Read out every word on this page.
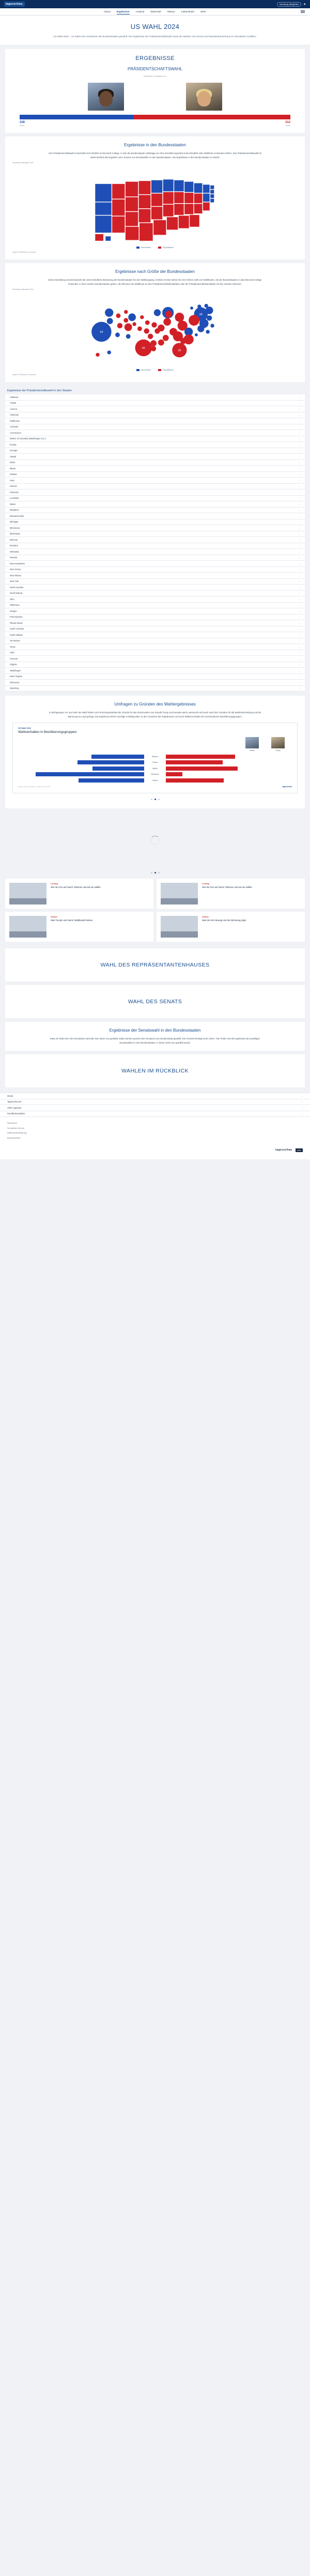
tagesschau.	Sendung abspielen	▶
Inland	Ergebnisse	Ausland	Wirtschaft	Wissen	Faktenfinder	Mehr
US WAHL 2024
US-Wahl 2024 – So haben die Amerikaner die Bundesstaaten gewählt: Die Ergebnisse der Präsidentschaftswahl sowie der Wahlen zum Senat und Repräsentantenhaus im interaktiven Grafiken.
ERGEBNISSE
PRÄSIDENTSCHAFTSWAHL
ERGEBNIS, STIMMEN IN %
226	312
Harris	Trump
Ergebnisse in den Bundesstaaten

Das Präsidentschaftswahl entscheidet sich letztlich an Electoral College. In das die Bundesstaaten abhängig von ihrer Bevölkerungszahl unterschiedlich viele Wahlleute entsenden dürfen. Das Präsidentschaftswahl ist damit letztlich das Ergebnis einer Summe von Einzelwahlen in den Bundesstaaten. Die Ergebnisse in den Bundesstaaten im Detail:

Präsidentschaftswahl 2024
Demokraten	Republikaner
Quelle: AP/Wahlen in Amerika
Ergebnisse nach Größe der Bundesstaaten

Diese Darstellung veranschaulicht die unterschiedliche Bedeutung der Bundesstaaten für den Wahlausgang. Größere Kreise stehen für eine höhere Zahl von Wahlleuten, die der Bundesstaaten in das Electoral College entsendet. In dem insofern Bundesstaaten geben, die Stimmen der Wahlleute an den Präsidentschaftskandidaten oder die Präsidentschaftskandidatin mit den meisten Stimmen.

Präsidentschaftswahl 2024
54
40
30
28
Demokraten	Republikaner
Quelle: AP/Wahlen in Amerika
Ergebnisse der Präsidentschaftswahl in den Staaten
Alabama	⌄
Alaska	⌄
Arizona	⌄
Arkansas	⌄
Kalifornien	⌄
Colorado	⌄
Connecticut	⌄
District of Columbia (Washington D.C.)	⌄
Florida	⌄
Georgia	⌄
Hawaii	⌄
Idaho	⌄
Illinois	⌄
Indiana	⌄
Iowa	⌄
Kansas	⌄
Kentucky	⌄
Louisiana	⌄
Maine	⌄
Maryland	⌄
Massachusetts	⌄
Michigan	⌄
Minnesota	⌄
Mississippi	⌄
Missouri	⌄
Montana	⌄
Nebraska	⌄
Nevada	⌄
New Hampshire	⌄
New Jersey	⌄
New Mexico	⌄
New York	⌄
North Carolina	⌄
North Dakota	⌄
Ohio	⌄
Oklahoma	⌄
Oregon	⌄
Pennsylvania	⌄
Rhode Island	⌄
South Carolina	⌄
South Dakota	⌄
Tennessee	⌄
Texas	⌄
Utah	⌄
Vermont	⌄
Virginia	⌄
Washington	⌄
West Virginia	⌄
Wisconsin	⌄
Wyoming	⌄
Umfragen zu Gründen des Wahlergebnisses

In Befragungen vor und nach der Wahl haben US-Forschungsinstitute die Gründe für das Abschneiden von Donald Trump und Kamala Harris untersucht und auch nach den Gründen für die Wahlentscheidung und die Stimmung im Land gefragt. Die Ergebnisse liefern wichtige Anhaltspunkte zu den Ursachen des Ergebnisses und auch Wählerverhalten bei verschiedenen Bevölkerungsgruppen.

US Wahl 2024
Wahlverhalten in Bevölkerungsgruppen
Harris	Trump
Männer
53
Frauen
Weiße
86
Schwarze
52
Latinos
46
Quelle: Edison Research / Angaben in Prozent	tagesschau
Liveblog
Wie die USA auf Harris' Stimmen und wie sie wählte
Liveblog
Wie die USA auf Harris' Stimmen und wie sie wählte
Analyse
Was Trumps und Harris' Wahlkampf kostete
Analyse
Was die USA bewegt und die Stimmung prägt
WAHL DES REPRÄSENTANTENHAUSES
WAHL DES SENATS
Ergebnisse der Senatswahl in den Bundesstaaten

Etwa ein Drittel der 100 Senatssitze wird alle zwei Jahre neu gewählt. Dabei werden jeweils zwei Senatoren pro Bundesstaat gewählt. Die Amtszeit beträgt sechs Jahre. Hier finden Sie die Ergebnisse der jeweiligen Senatswahlen in den Bundesstaaten, in denen 2024 neu gewählt wurde.

WAHLEN IM RÜCKBLICK
Inland	⌄
Tagesschau.de	⌄
ARD-Angebote	⌄
Rundfunkanstalten	⌄
Impressum
So arbeiten Sie uns
Datenschutzerklärung
Barrierefreiheit
tagesschau	ARD
